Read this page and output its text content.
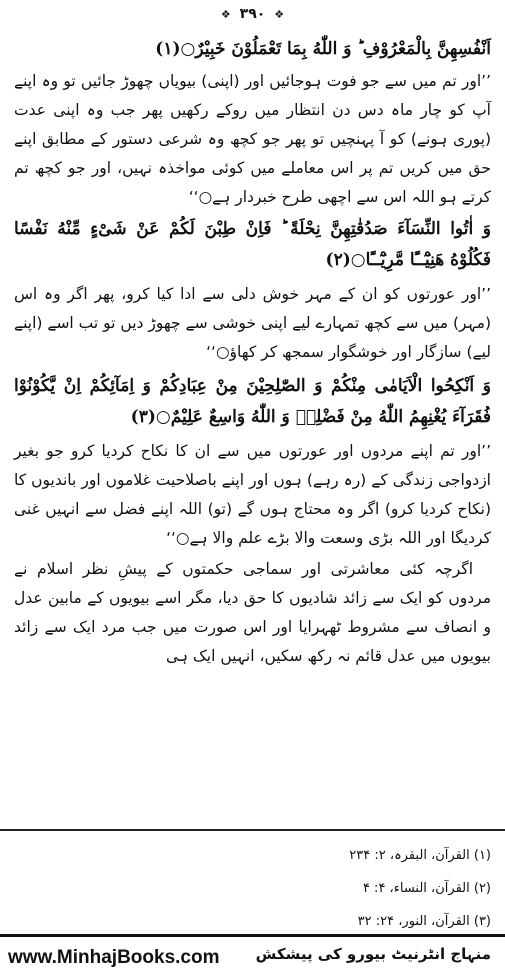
❖ ۳۹۰ ❖

اَنْفُسِهِنَّ بِالْمَعْرُوْفِ ؕ وَ اللّٰهُ بِمَا تَعْمَلُوْنَ خَبِیْرٌ○(۱)

’’اور تم میں سے جو فوت ہوجائیں اور (اپنی) بیویاں چھوڑ جائیں تو وہ اپنے آپ کو چار ماہ دس دن انتظار میں روکے رکھیں پھر جب وہ اپنی عدت (پوری ہونے) کو آ پہنچیں تو پھر جو کچھ وہ شرعی دستور کے مطابق اپنے حق میں کریں تم پر اس معاملے میں کوئی مواخذہ نہیں، اور جو کچھ تم کرتے ہو اللہ اس سے اچھی طرح خبردار ہے○‘‘

وَ اٰتُوا النِّسَآءَ صَدُقٰتِهِنَّ نِحْلَةً ؕ فَاِنْ طِبْنَ لَكُمْ عَنْ شَیْءٍ مِّنْهُ نَفْسًا فَكُلُوْهُ هَنِیْٓــًٔا مَّرِیْٓــًٔا○(۲)

’’اور عورتوں کو ان کے مہر خوش دلی سے ادا کیا کرو، پھر اگر وہ اس (مہر) میں سے کچھ تمہارے لیے اپنی خوشی سے چھوڑ دیں تو تب اسے (اپنے لیے) سازگار اور خوشگوار سمجھ کر کھاؤ○‘‘

وَ اَنْكِحُوا الْاَیَامٰى مِنْكُمْ وَ الصّٰلِحِیْنَ مِنْ عِبَادِكُمْ وَ اِمَآئِكُمْ اِنْ یَّكُوْنُوْا فُقَرَآءَ یُغْنِهِمُ اللّٰهُ مِنْ فَضْلِهٖ وَ اللّٰهُ وَاسِعٌ عَلِیْمٌ○(۳)

’’اور تم اپنے مردوں اور عورتوں میں سے ان کا نکاح کردیا کرو جو بغیر ازدواجی زندگی کے (رہ رہے) ہوں اور اپنے باصلاحیت غلاموں اور باندیوں کا (نکاح کردیا کرو) اگر وہ محتاج ہوں گے (تو) اللہ اپنے فضل سے انہیں غنی کردیگا اور اللہ بڑی وسعت والا بڑے علم والا ہے○‘‘

اگرچہ کئی معاشرتی اور سماجی حکمتوں کے پیشِ نظر اسلام نے مردوں کو ایک سے زائد شادیوں کا حق دیا، مگر اسے بیویوں کے مابین عدل و انصاف سے مشروط ٹھہرایا اور اس صورت میں جب مرد ایک سے زائد بیویوں میں عدل قائم نہ رکھ سکیں، انہیں ایک ہی

(۱) القرآن، البقرہ، ۲: ۲۳۴

(۲) القرآن، النساء، ۴: ۴

(۳) القرآن، النور، ۲۴: ۳۲

www.MinhajBooks.com منہاج انٹرنیٹ بیورو کی پیشکش
